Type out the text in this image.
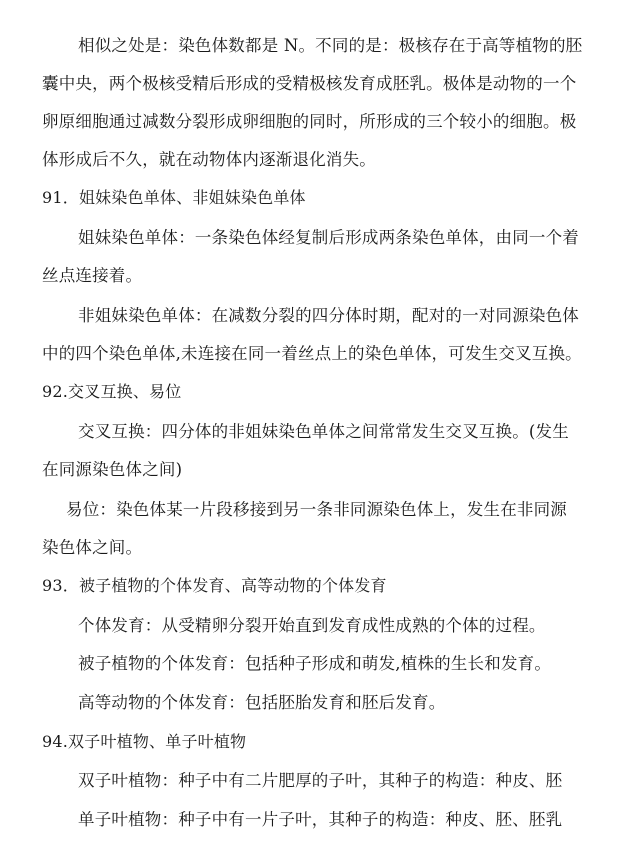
相似之处是：染色体数都是 N。不同的是：极核存在于高等植物的胚
囊中央，两个极核受精后形成的受精极核发育成胚乳。极体是动物的一个
卵原细胞通过减数分裂形成卵细胞的同时，所形成的三个较小的细胞。极
体形成后不久，就在动物体内逐渐退化消失。
91．姐妹染色单体、非姐妹染色单体
姐妹染色单体：一条染色体经复制后形成两条染色单体，由同一个着
丝点连接着。
非姐妹染色单体：在减数分裂的四分体时期，配对的一对同源染色体
中的四个染色单体,未连接在同一着丝点上的染色单体，可发生交叉互换。
92.交叉互换、易位
交叉互换：四分体的非姐妹染色单体之间常常发生交叉互换。(发生
在同源染色体之间)
易位：染色体某一片段移接到另一条非同源染色体上，发生在非同源
染色体之间。
93．被子植物的个体发育、高等动物的个体发育
个体发育：从受精卵分裂开始直到发育成性成熟的个体的过程。
被子植物的个体发育：包括种子形成和萌发,植株的生长和发育。
高等动物的个体发育：包括胚胎发育和胚后发育。
94.双子叶植物、单子叶植物
双子叶植物：种子中有二片肥厚的子叶，其种子的构造：种皮、胚
单子叶植物：种子中有一片子叶，其种子的构造：种皮、胚、胚乳
